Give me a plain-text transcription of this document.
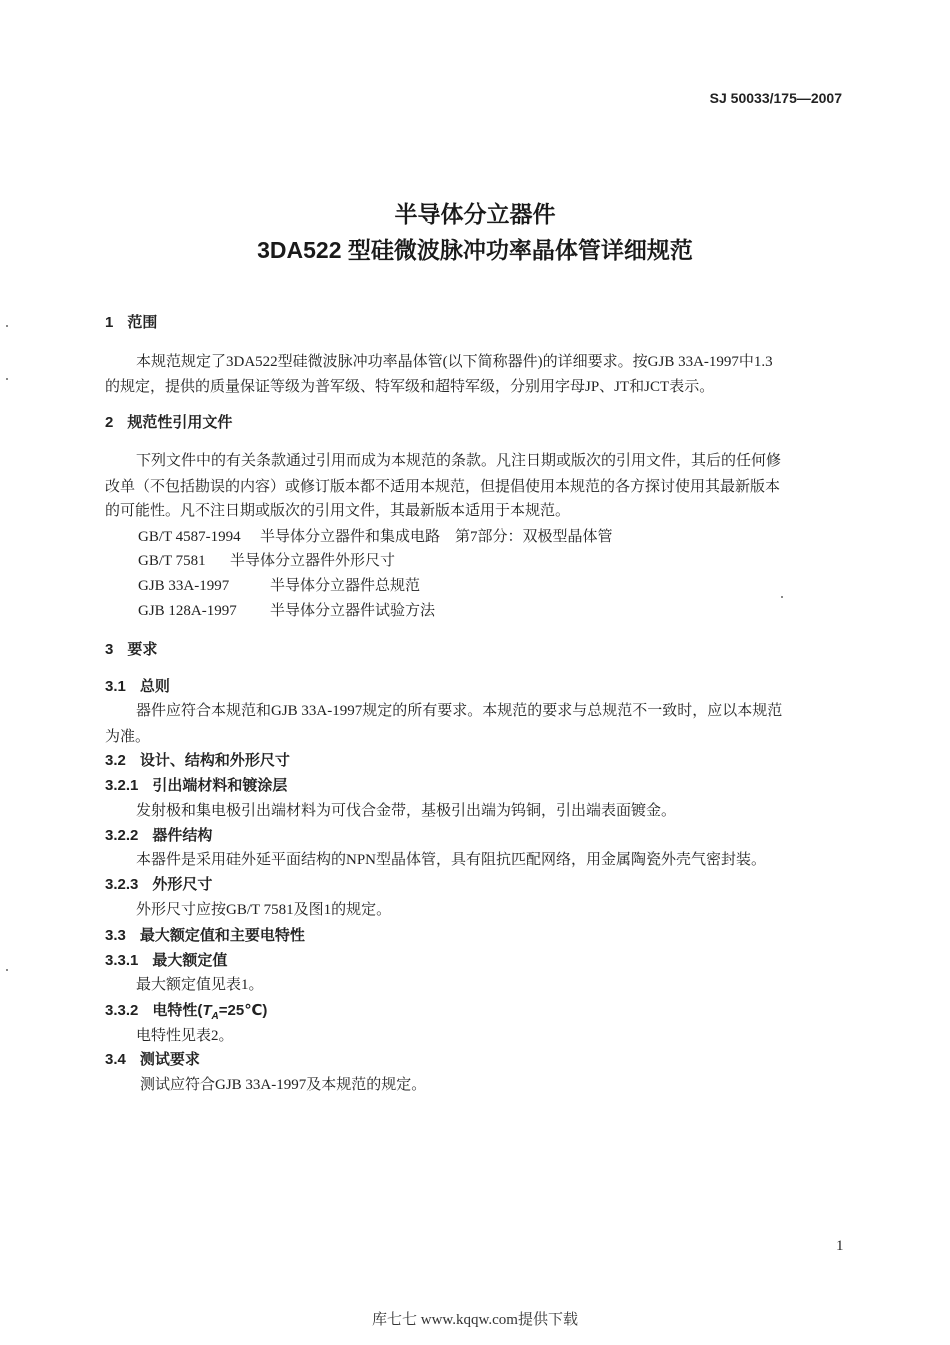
SJ 50033/175—2007
半导体分立器件
3DA522 型硅微波脉冲功率晶体管详细规范
1 范围
本规范规定了3DA522型硅微波脉冲功率晶体管(以下简称器件)的详细要求。按GJB 33A-1997中1.3
的规定，提供的质量保证等级为普军级、特军级和超特军级，分别用字母JP、JT和JCT表示。
2 规范性引用文件
下列文件中的有关条款通过引用而成为本规范的条款。凡注日期或版次的引用文件，其后的任何修
改单（不包括勘误的内容）或修订版本都不适用本规范，但提倡使用本规范的各方探讨使用其最新版本
的可能性。凡不注日期或版次的引用文件，其最新版本适用于本规范。
GB/T 4587-1994 半导体分立器件和集成电路　第7部分：双极型晶体管
GB/T 7581 半导体分立器件外形尺寸
GJB 33A-1997	半导体分立器件总规范
GJB 128A-1997 半导体分立器件试验方法
3 要求
3.1 总则
器件应符合本规范和GJB 33A-1997规定的所有要求。本规范的要求与总规范不一致时，应以本规范
为准。
3.2 设计、结构和外形尺寸
3.2.1 引出端材料和镀涂层
发射极和集电极引出端材料为可伐合金带，基极引出端为钨铜，引出端表面镀金。
3.2.2 器件结构
本器件是采用硅外延平面结构的NPN型晶体管，具有阻抗匹配网络，用金属陶瓷外壳气密封装。
3.2.3 外形尺寸
外形尺寸应按GB/T 7581及图1的规定。
3.3 最大额定值和主要电特性
3.3.1 最大额定值
最大额定值见表1。
3.3.2 电特性$(T_A=25℃)$
电特性见表2。
3.4 测试要求
测试应符合GJB 33A-1997及本规范的规定。
1
库七七 www.kqqw.com提供下载
